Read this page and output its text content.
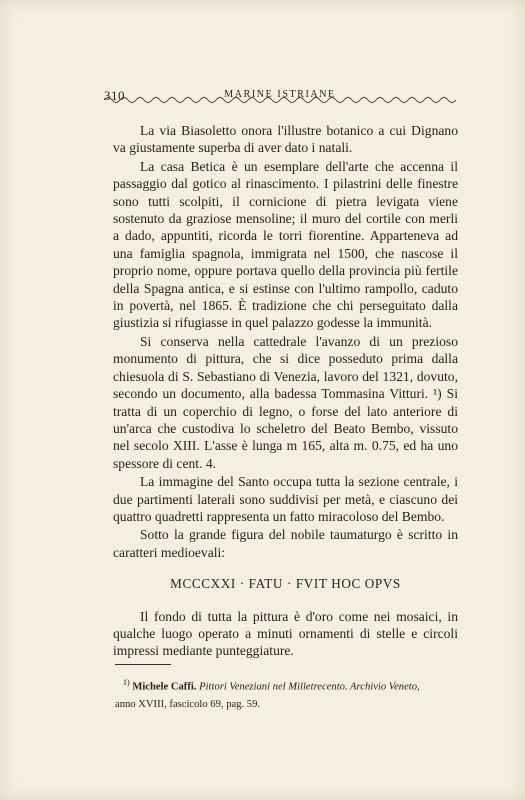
310	MARINE ISTRIANE

La via Biasoletto onora l'illustre botanico a cui Dignano va giustamente superba di aver dato i natali.

La casa Betica è un esemplare dell'arte che accenna il passaggio dal gotico al rinascimento. I pilastrini delle finestre sono tutti scolpiti, il cornicione di pietra levigata viene sostenuto da graziose mensoline; il muro del cortile con merli a dado, appuntiti, ricorda le torri fiorentine. Apparteneva ad una famiglia spagnola, immigrata nel 1500, che nascose il proprio nome, oppure portava quello della provincia più fertile della Spagna antica, e si estinse con l'ultimo rampollo, caduto in povertà, nel 1865. È tradizione che chi perseguitato dalla giustizia si rifugiasse in quel palazzo godesse la immunità.

Si conserva nella cattedrale l'avanzo di un prezioso monumento di pittura, che si dice posseduto prima dalla chiesuola di S. Sebastiano di Venezia, lavoro del 1321, dovuto, secondo un documento, alla badessa Tommasina Vitturi. ¹) Si tratta di un coperchio di legno, o forse del lato anteriore di un'arca che custodiva lo scheletro del Beato Bembo, vissuto nel secolo XIII. L'asse è lunga m 165, alta m. 0.75, ed ha uno spessore di cent. 4.

La immagine del Santo occupa tutta la sezione centrale, i due partimenti laterali sono suddivisi per metà, e ciascuno dei quattro quadretti rappresenta un fatto miracoloso del Bembo.

Sotto la grande figura del nobile taumaturgo è scritto in caratteri medioevali:

MCCCXXI · FATU · FVIT HOC OPVS

Il fondo di tutta la pittura è d'oro come nei mosaici, in qualche luogo operato a minuti ornamenti di stelle e circoli impressi mediante punteggiature.

$^{1)}$ Michele Caffi. Pittori Veneziani nel Milletrecento. Archivio Veneto,
anno XVIII, fascicolo 69, pag. 59.
